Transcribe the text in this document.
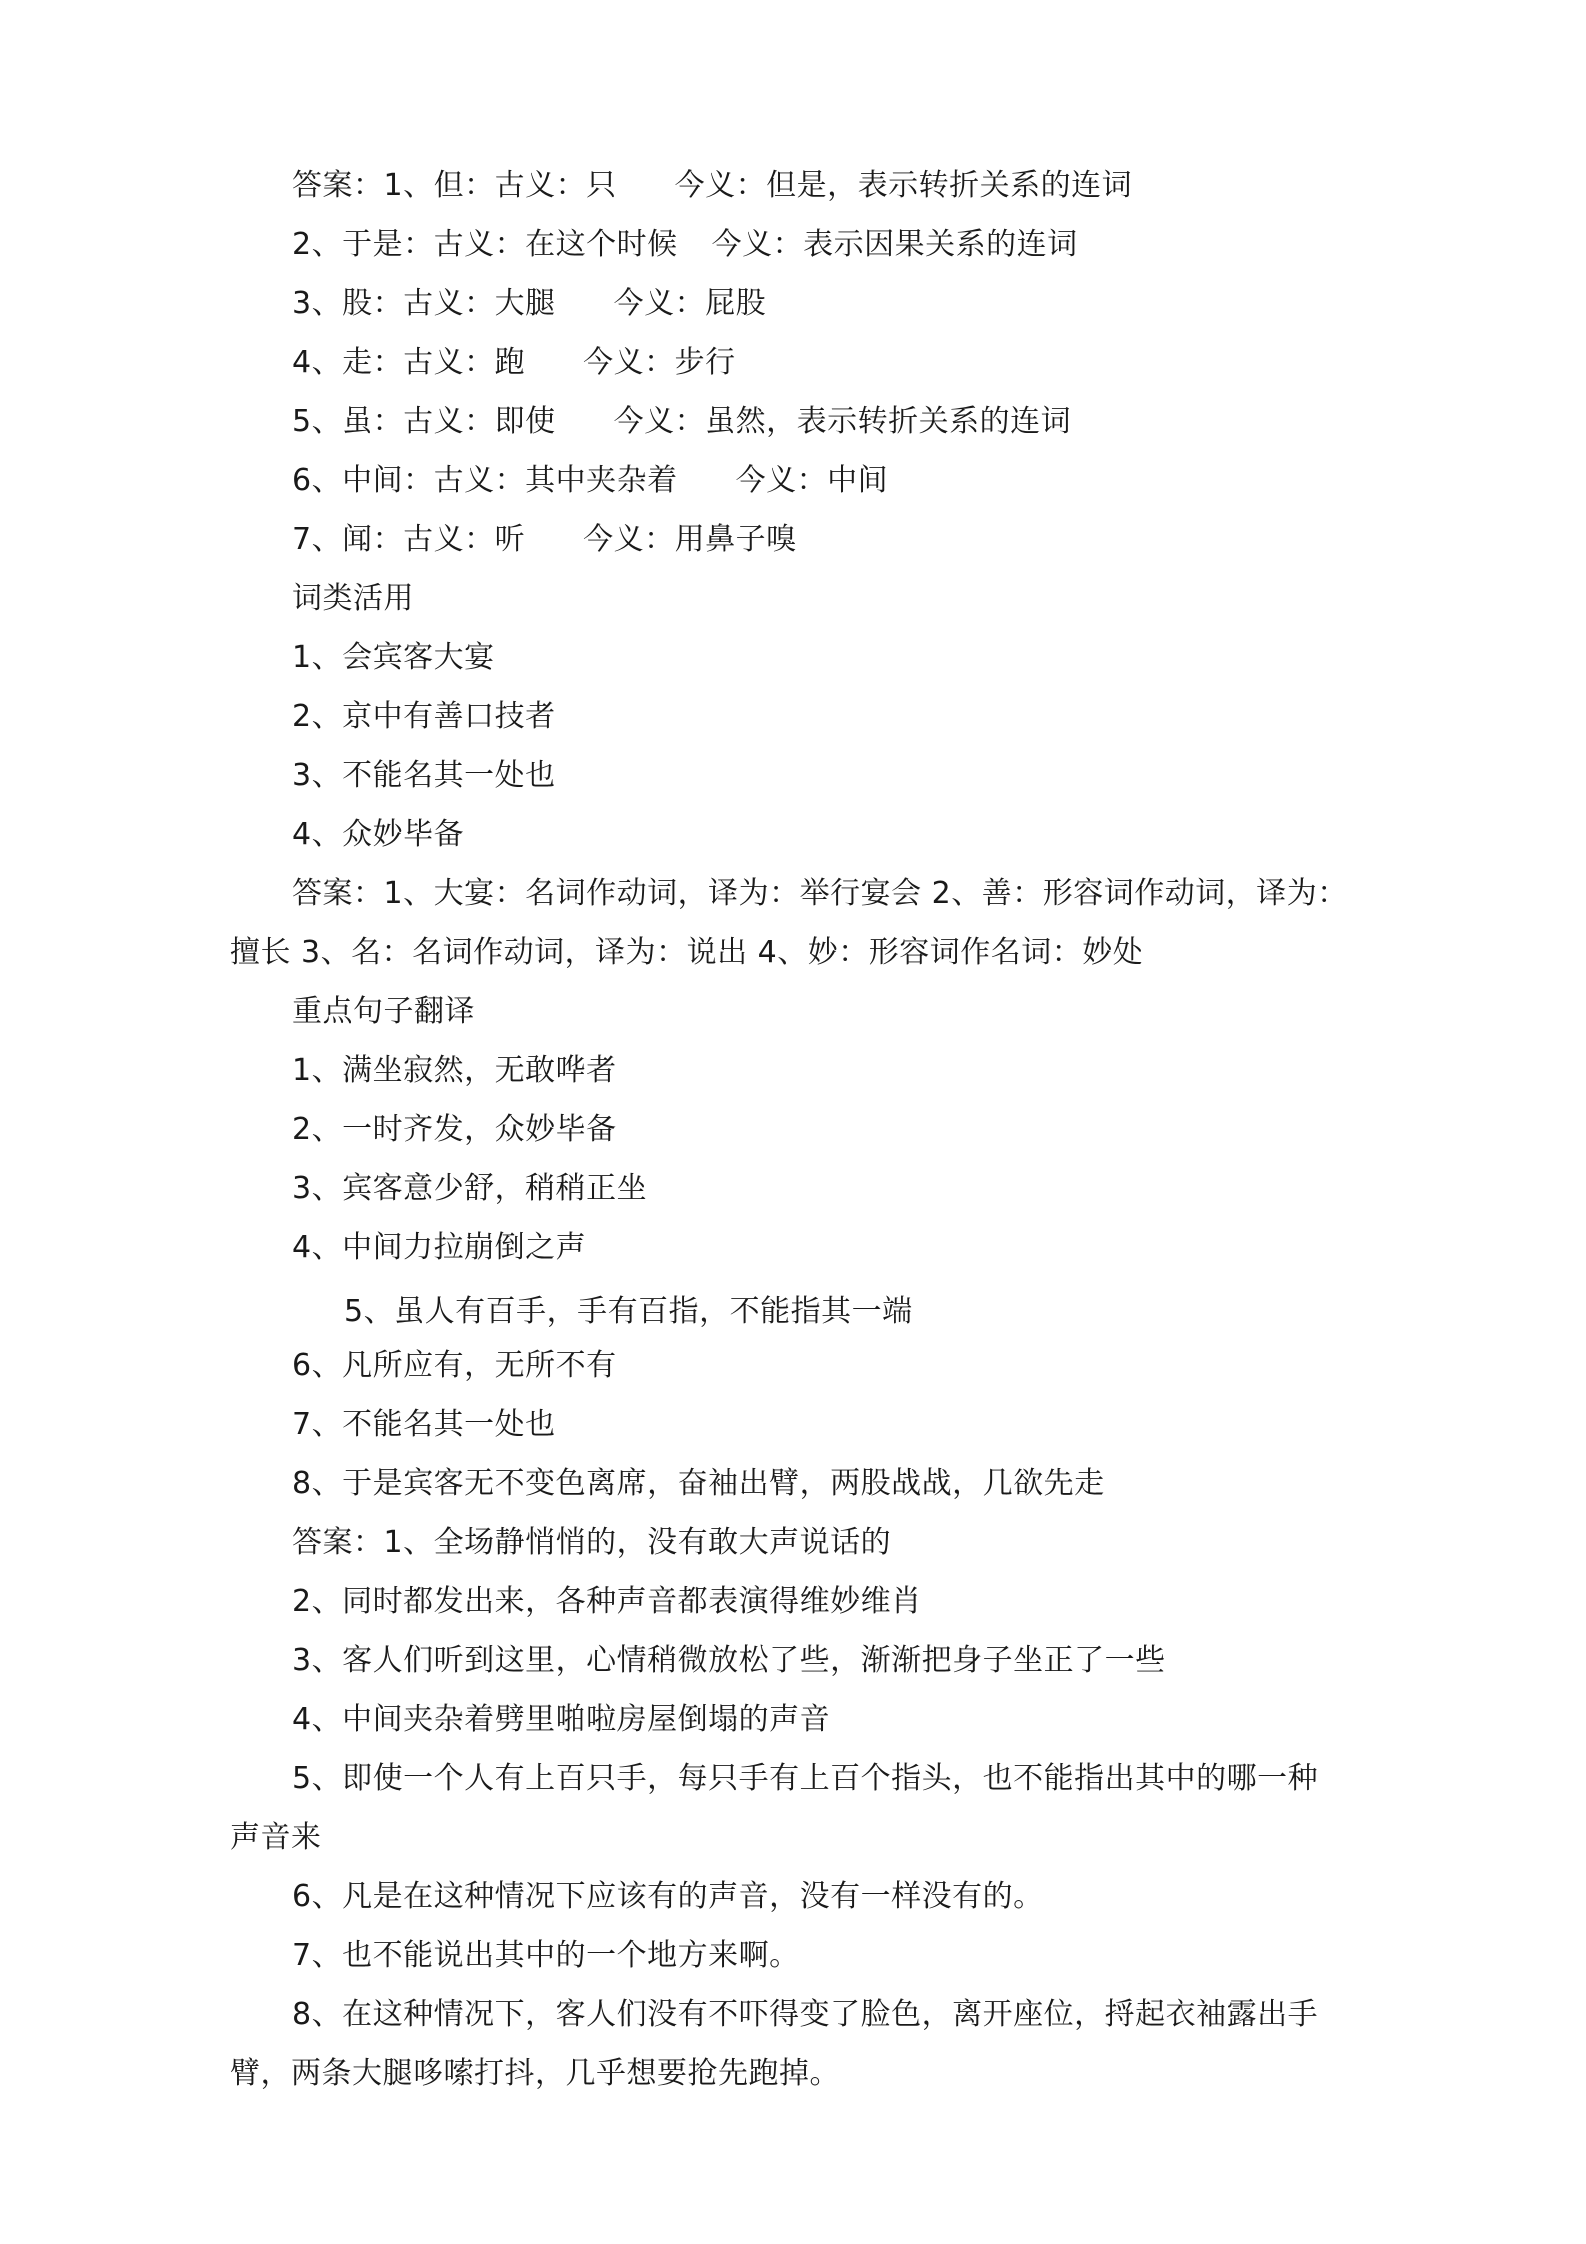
答案：1、但：古义：只 今义：但是，表示转折关系的连词
2、于是：古义：在这个时候 今义：表示因果关系的连词
3、股：古义：大腿 今义：屁股
4、走：古义：跑 今义：步行
5、虽：古义：即使 今义：虽然，表示转折关系的连词
6、中间：古义：其中夹杂着 今义：中间
7、闻：古义：听 今义：用鼻子嗅
词类活用
1、会宾客大宴
2、京中有善口技者
3、不能名其一处也
4、众妙毕备
答案：1、大宴：名词作动词，译为：举行宴会 2、善：形容词作动词，译为：
擅长 3、名：名词作动词，译为：说出 4、妙：形容词作名词：妙处
重点句子翻译
1、满坐寂然，无敢哗者
2、一时齐发，众妙毕备
3、宾客意少舒，稍稍正坐
4、中间力拉崩倒之声
5、虽人有百手，手有百指，不能指其一端
6、凡所应有，无所不有
7、不能名其一处也
8、于是宾客无不变色离席，奋袖出臂，两股战战，几欲先走
答案：1、全场静悄悄的，没有敢大声说话的
2、同时都发出来，各种声音都表演得维妙维肖
3、客人们听到这里，心情稍微放松了些，渐渐把身子坐正了一些
4、中间夹杂着劈里啪啦房屋倒塌的声音
5、即使一个人有上百只手，每只手有上百个指头，也不能指出其中的哪一种
声音来
6、凡是在这种情况下应该有的声音，没有一样没有的。
7、也不能说出其中的一个地方来啊。
8、在这种情况下，客人们没有不吓得变了脸色，离开座位，捋起衣袖露出手
臂，两条大腿哆嗦打抖，几乎想要抢先跑掉。
